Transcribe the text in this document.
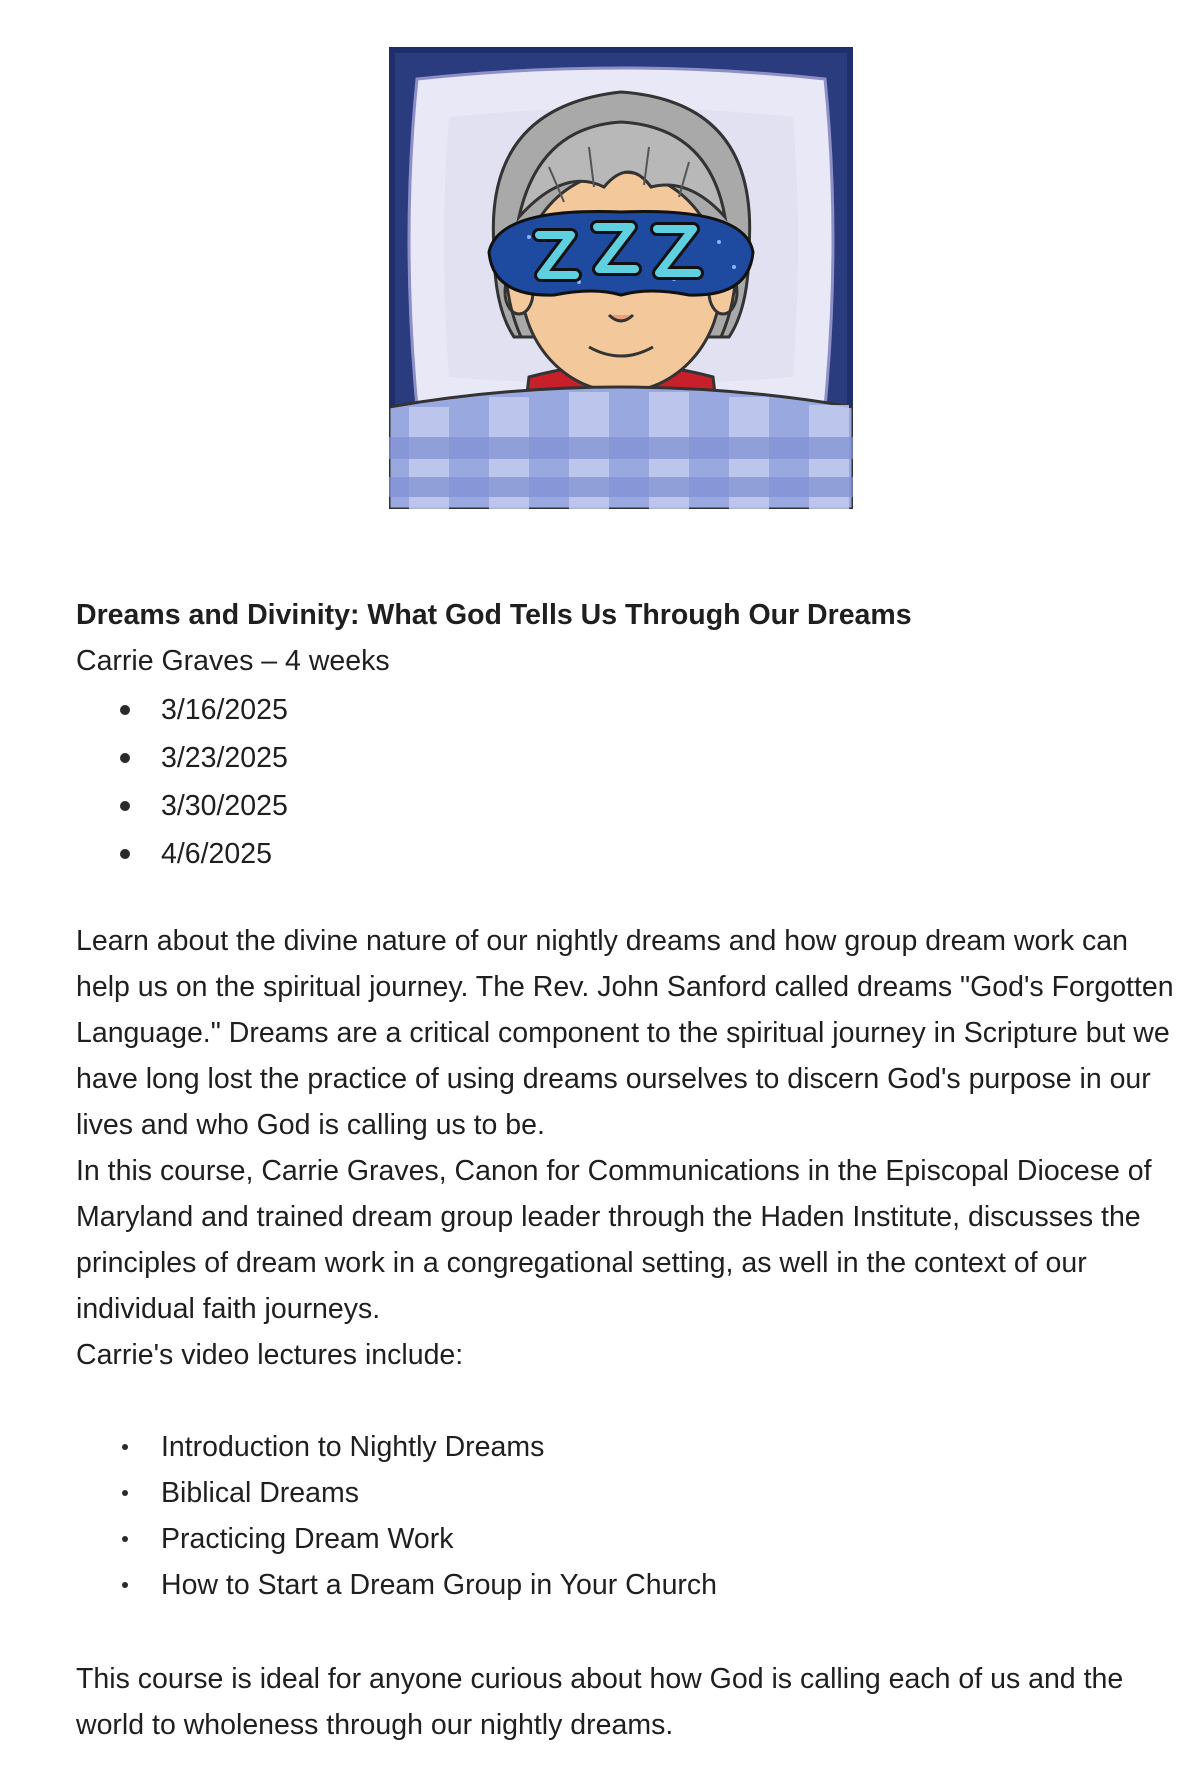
Dreams and Divinity: What God Tells Us Through Our Dreams

Carrie Graves – 4 weeks

3/16/2025
3/23/2025
3/30/2025
4/6/2025

Learn about the divine nature of our nightly dreams and how group dream work can help us on the spiritual journey. The Rev. John Sanford called dreams "God's Forgotten Language." Dreams are a critical component to the spiritual journey in Scripture but we have long lost the practice of using dreams ourselves to discern God's purpose in our lives and who God is calling us to be.

In this course, Carrie Graves, Canon for Communications in the Episcopal Diocese of Maryland and trained dream group leader through the Haden Institute, discusses the principles of dream work in a congregational setting, as well in the context of our individual faith journeys.

Carrie's video lectures include:

Introduction to Nightly Dreams
Biblical Dreams
Practicing Dream Work
How to Start a Dream Group in Your Church

This course is ideal for anyone curious about how God is calling each of us and the world to wholeness through our nightly dreams.
